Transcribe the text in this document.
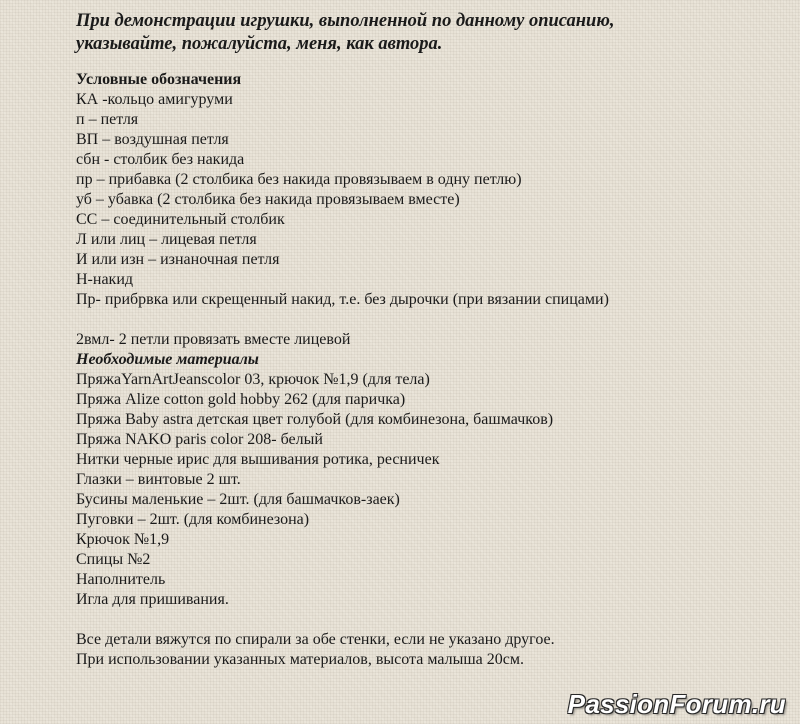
При демонстрации игрушки, выполненной по данному описанию,
указывайте, пожалуйста, меня, как автора.
Условные обозначения
КА -кольцо амигуруми
п – петля
ВП – воздушная петля
сбн - столбик без накида
пр – прибавка (2 столбика без накида провязываем в одну петлю)
уб – убавка (2 столбика без накида провязываем вместе)
СС – соединительный столбик
Л или лиц – лицевая петля
И или изн – изнаночная петля
Н-накид
Пр- прибрвка или скрещенный накид, т.е. без дырочки (при вязании спицами)
2вмл- 2 петли провязать вместе лицевой
Необходимые материалы
ПряжаYarnArtJeanscolor 03, крючок №1,9 (для тела)
Пряжа Alize cotton gold hobby 262 (для паричка)
Пряжа Baby astra детская цвет голубой (для комбинезона, башмачков)
Пряжа NAKO paris color 208- белый
Нитки черные ирис для вышивания ротика, ресничек
Глазки – винтовые 2 шт.
Бусины маленькие – 2шт. (для башмачков-заек)
Пуговки – 2шт. (для комбинезона)
Крючок №1,9
Спицы №2
Наполнитель
Игла для пришивания.
Все детали вяжутся по спирали за обе стенки, если не указано другое.
При использовании указанных материалов, высота малыша 20см.
PassionForum.ru
